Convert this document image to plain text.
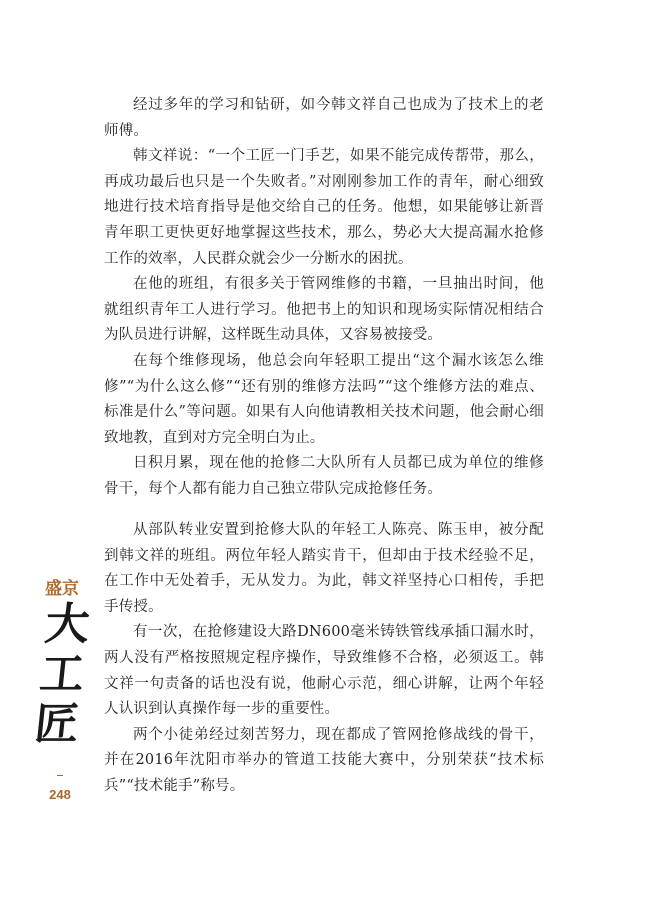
经过多年的学习和钻研，如今韩文祥自己也成为了技术上的老师傅。

韩文祥说：“一个工匠一门手艺，如果不能完成传帮带，那么，再成功最后也只是一个失败者。”对刚刚参加工作的青年，耐心细致地进行技术培育指导是他交给自己的任务。他想，如果能够让新晋青年职工更快更好地掌握这些技术，那么，势必大大提高漏水抢修工作的效率，人民群众就会少一分断水的困扰。

在他的班组，有很多关于管网维修的书籍，一旦抽出时间，他就组织青年工人进行学习。他把书上的知识和现场实际情况相结合为队员进行讲解，这样既生动具体，又容易被接受。

在每个维修现场，他总会向年轻职工提出“这个漏水该怎么维修”“为什么这么修”“还有别的维修方法吗”“这个维修方法的难点、标准是什么”等问题。如果有人向他请教相关技术问题，他会耐心细致地教，直到对方完全明白为止。

日积月累，现在他的抢修二大队所有人员都已成为单位的维修骨干，每个人都有能力自己独立带队完成抢修任务。

从部队转业安置到抢修大队的年轻工人陈亮、陈玉申，被分配到韩文祥的班组。两位年轻人踏实肯干，但却由于技术经验不足，在工作中无处着手，无从发力。为此，韩文祥坚持心口相传，手把手传授。

有一次，在抢修建设大路DN600毫米铸铁管线承插口漏水时，两人没有严格按照规定程序操作，导致维修不合格，必须返工。韩文祥一句责备的话也没有说，他耐心示范，细心讲解，让两个年轻人认识到认真操作每一步的重要性。

两个小徒弟经过刻苦努力，现在都成了管网抢修战线的骨干，并在2016年沈阳市举办的管道工技能大赛中，分别荣获“技术标兵”“技术能手”称号。

盛京
大工匠
248
